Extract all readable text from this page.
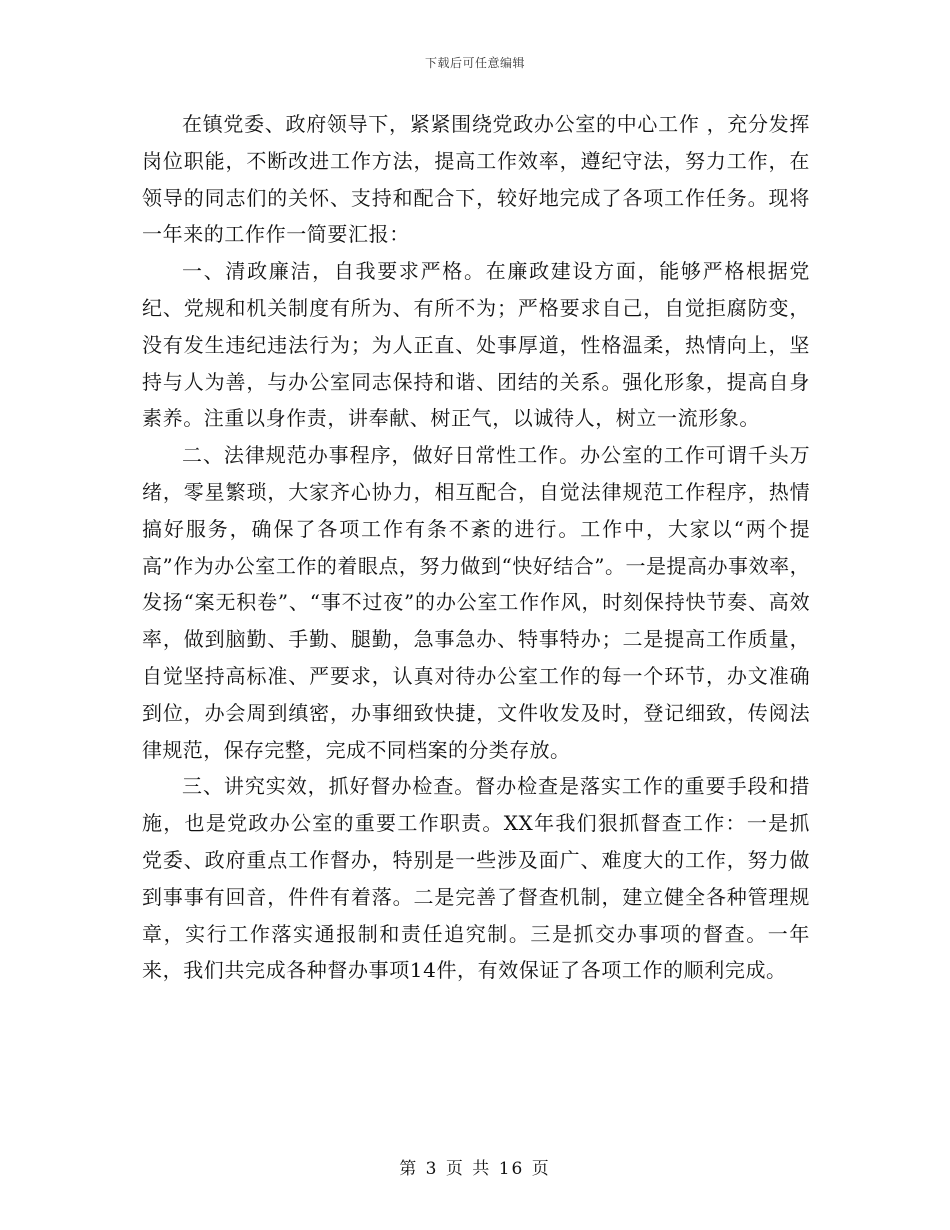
下载后可任意编辑

在镇党委、政府领导下，紧紧围绕党政办公室的中心工作 ，充分发挥岗位职能，不断改进工作方法，提高工作效率，遵纪守法，努力工作，在领导的同志们的关怀、支持和配合下，较好地完成了各项工作任务。现将一年来的工作作一简要汇报：

一、清政廉洁，自我要求严格。在廉政建设方面，能够严格根据党纪、党规和机关制度有所为、有所不为；严格要求自己，自觉拒腐防变，没有发生违纪违法行为；为人正直、处事厚道，性格温柔，热情向上，坚持与人为善，与办公室同志保持和谐、团结的关系。强化形象，提高自身素养。注重以身作责，讲奉献、树正气，以诚待人，树立一流形象。

二、法律规范办事程序，做好日常性工作。办公室的工作可谓千头万绪，零星繁琐，大家齐心协力，相互配合，自觉法律规范工作程序，热情搞好服务，确保了各项工作有条不紊的进行。工作中，大家以“两个提高”作为办公室工作的着眼点，努力做到“快好结合”。一是提高办事效率，发扬“案无积卷”、“事不过夜”的办公室工作作风，时刻保持快节奏、高效率，做到脑勤、手勤、腿勤，急事急办、特事特办；二是提高工作质量，自觉坚持高标准、严要求，认真对待办公室工作的每一个环节，办文准确到位，办会周到缜密，办事细致快捷，文件收发及时，登记细致，传阅法律规范，保存完整，完成不同档案的分类存放。

三、讲究实效，抓好督办检查。督办检查是落实工作的重要手段和措施，也是党政办公室的重要工作职责。XX年我们狠抓督查工作：一是抓党委、政府重点工作督办，特别是一些涉及面广、难度大的工作，努力做到事事有回音，件件有着落。二是完善了督查机制，建立健全各种管理规章，实行工作落实通报制和责任追究制。三是抓交办事项的督查。一年来，我们共完成各种督办事项14件，有效保证了各项工作的顺利完成。

第 3 页 共 16 页
